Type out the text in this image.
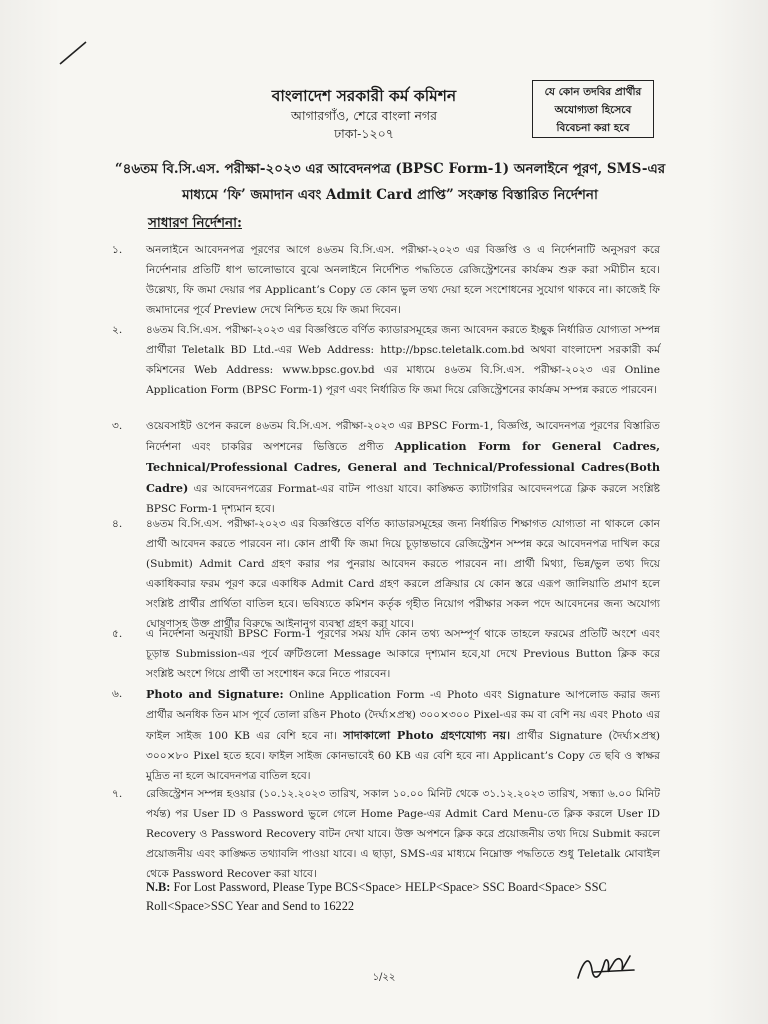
বাংলাদেশ সরকারী কর্ম কমিশন
আগারগাঁও, শেরে বাংলা নগর
ঢাকা-১২০৭
যে কোন তদবির প্রার্থীর
অযোগ্যতা হিসেবে
বিবেচনা করা হবে
“৪৬তম বি.সি.এস. পরীক্ষা-২০২৩ এর আবেদনপত্র (BPSC Form-1) অনলাইনে পূরণ, SMS-এর
মাধ্যমে ‘ফি’ জমাদান এবং Admit Card প্রাপ্তি” সংক্রান্ত বিস্তারিত নির্দেশনা
সাধারণ নির্দেশনা:
১.	অনলাইনে আবেদনপত্র পূরণের আগে ৪৬তম বি.সি.এস. পরীক্ষা-২০২৩ এর বিজ্ঞপ্তি ও এ নির্দেশনাটি অনুসরণ করে নির্দেশনার প্রতিটি ধাপ ভালোভাবে বুঝে অনলাইনে নির্দেশিত পদ্ধতিতে রেজিস্ট্রেশনের কার্যক্রম শুরু করা সমীচীন হবে। উল্লেখ্য, ফি জমা দেয়ার পর Applicant’s Copy তে কোন ভুল তথ্য দেয়া হলে সংশোধনের সুযোগ থাকবে না। কাজেই ফি জমাদানের পূর্বে Preview দেখে নিশ্চিত হয়ে ফি জমা দিবেন।
২.	৪৬তম বি.সি.এস. পরীক্ষা-২০২৩ এর বিজ্ঞপ্তিতে বর্ণিত ক্যাডারসমূহের জন্য আবেদন করতে ইচ্ছুক নির্ধারিত যোগ্যতা সম্পন্ন প্রার্থীরা Teletalk BD Ltd.-এর Web Address: http://bpsc.teletalk.com.bd অথবা বাংলাদেশ সরকারী কর্ম কমিশনের Web Address: www.bpsc.gov.bd এর মাধ্যমে ৪৬তম বি.সি.এস. পরীক্ষা-২০২৩ এর Online Application Form (BPSC Form-1) পূরণ এবং নির্ধারিত ফি জমা দিয়ে রেজিস্ট্রেশনের কার্যক্রম সম্পন্ন করতে পারবেন।
৩.	ওয়েবসাইট ওপেন করলে ৪৬তম বি.সি.এস. পরীক্ষা-২০২৩ এর BPSC Form-1, বিজ্ঞপ্তি, আবেদনপত্র পূরণের বিস্তারিত নির্দেশনা এবং চাকরির অপশনের ভিত্তিতে প্রণীত Application Form for General Cadres, Technical/Professional Cadres, General and Technical/Professional Cadres(Both Cadre) এর আবেদনপত্রের Format-এর বাটন পাওয়া যাবে। কাঙ্ক্ষিত ক্যাটাগরির আবেদনপত্রে ক্লিক করলে সংশ্লিষ্ট BPSC Form-1 দৃশ্যমান হবে।
৪.	৪৬তম বি.সি.এস. পরীক্ষা-২০২৩ এর বিজ্ঞপ্তিতে বর্ণিত ক্যাডারসমূহের জন্য নির্ধারিত শিক্ষাগত যোগ্যতা না থাকলে কোন প্রার্থী আবেদন করতে পারবেন না। কোন প্রার্থী ফি জমা দিয়ে চূড়ান্তভাবে রেজিস্ট্রেশন সম্পন্ন করে আবেদনপত্র দাখিল করে (Submit) Admit Card গ্রহণ করার পর পুনরায় আবেদন করতে পারবেন না। প্রার্থী মিথ্যা, ভিন্ন/ভুল তথ্য দিয়ে একাধিকবার ফরম পূরণ করে একাধিক Admit Card গ্রহণ করলে প্রক্রিয়ার যে কোন স্তরে এরূপ জালিয়াতি প্রমাণ হলে সংশ্লিষ্ট প্রার্থীর প্রার্থিতা বাতিল হবে। ভবিষ্যতে কমিশন কর্তৃক গৃহীত নিয়োগ পরীক্ষার সকল পদে আবেদনের জন্য অযোগ্য ঘোষণাসহ উক্ত প্রার্থীর বিরুদ্ধে আইনানুগ ব্যবস্থা গ্রহণ করা যাবে।
৫.	এ নির্দেশনা অনুযায়ী BPSC Form-1 পূরণের সময় যদি কোন তথ্য অসম্পূর্ণ থাকে তাহলে ফরমের প্রতিটি অংশে এবং চূড়ান্ত Submission-এর পূর্বে ত্রুটিগুলো Message আকারে দৃশ্যমান হবে,যা দেখে Previous Button ক্লিক করে সংশ্লিষ্ট অংশে গিয়ে প্রার্থী তা সংশোধন করে নিতে পারবেন।
৬.	Photo and Signature: Online Application Form -এ Photo এবং Signature আপলোড করার জন্য প্রার্থীর অনধিক তিন মাস পূর্বে তোলা রঙিন Photo (দৈর্ঘ্য×প্রস্থ) ৩০০×৩০০ Pixel-এর কম বা বেশি নয় এবং Photo এর ফাইল সাইজ 100 KB এর বেশি হবে না। সাদাকালো Photo গ্রহণযোগ্য নয়। প্রার্থীর Signature (দৈর্ঘ্য×প্রস্থ) ৩০০×৮০ Pixel হতে হবে। ফাইল সাইজ কোনভাবেই 60 KB এর বেশি হবে না। Applicant’s Copy তে ছবি ও স্বাক্ষর মুদ্রিত না হলে আবেদনপত্র বাতিল হবে।
৭.	রেজিস্ট্রেশন সম্পন্ন হওয়ার (১০.১২.২০২৩ তারিখ, সকাল ১০.০০ মিনিট থেকে ৩১.১২.২০২৩ তারিখ, সন্ধ্যা ৬.০০ মিনিট পর্যন্ত) পর User ID ও Password ভুলে গেলে Home Page-এর Admit Card Menu-তে ক্লিক করলে User ID Recovery ও Password Recovery বাটন দেখা যাবে। উক্ত অপশনে ক্লিক করে প্রয়োজনীয় তথ্য দিয়ে Submit করলে প্রয়োজনীয় এবং কাঙ্ক্ষিত তথ্যাবলি পাওয়া যাবে। এ ছাড়া, SMS-এর মাধ্যমে নিম্নোক্ত পদ্ধতিতে শুধু Teletalk মোবাইল থেকে Password Recover করা যাবে।
N.B: For Lost Password, Please Type BCS<Space> HELP<Space> SSC Board<Space> SSC Roll<Space>SSC Year and Send to 16222
১/২২
